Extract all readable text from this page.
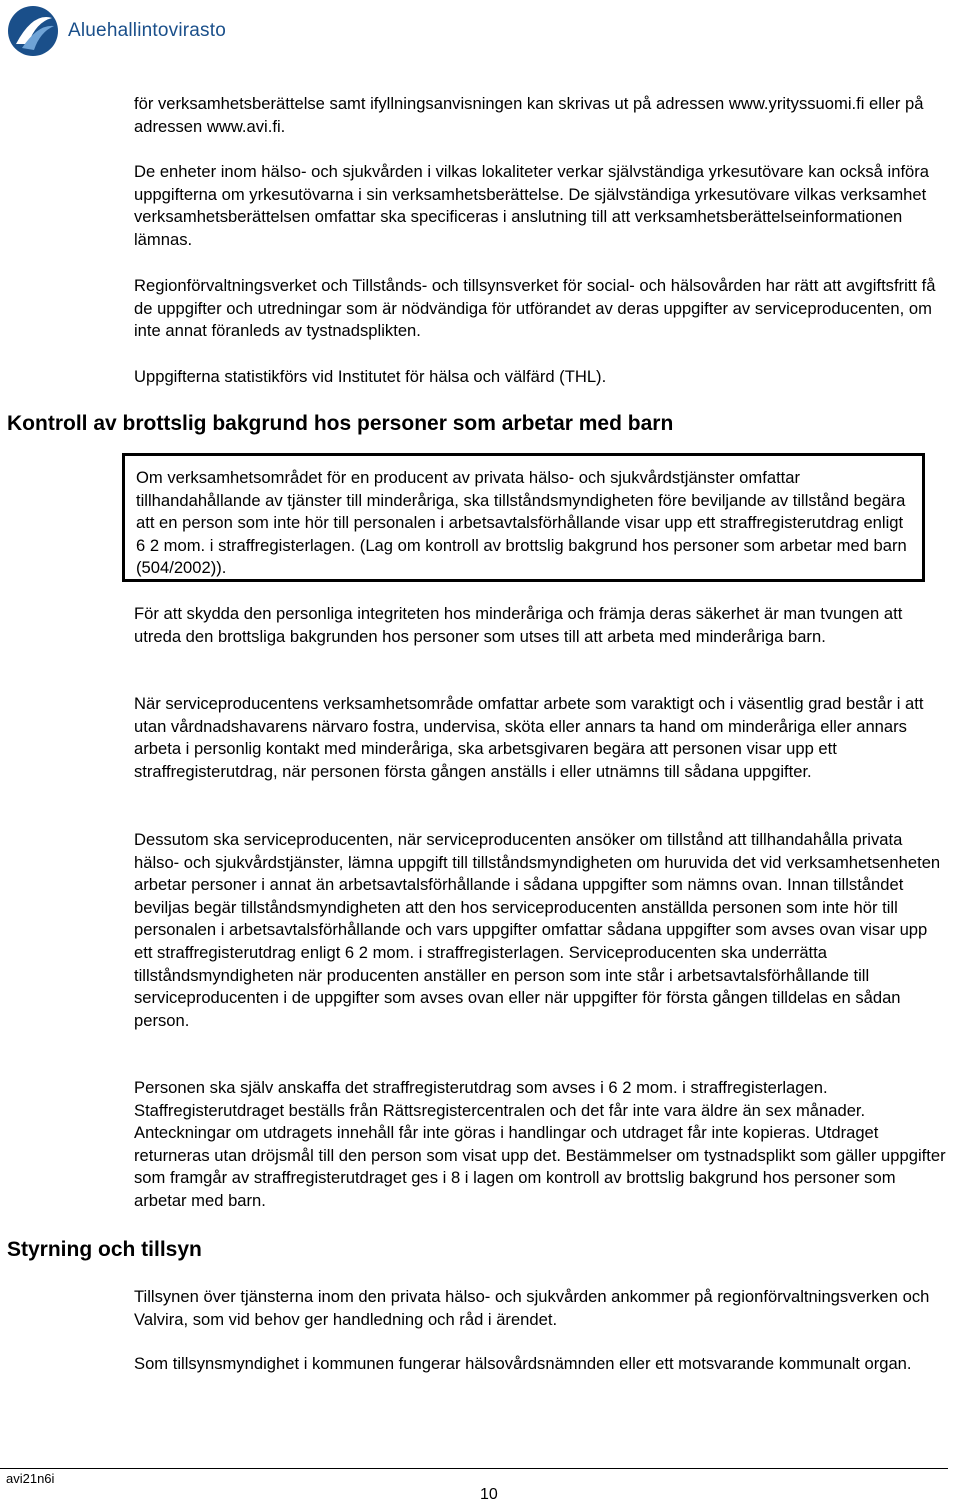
Aluehallintovirasto

för verksamhetsberättelse samt ifyllningsanvisningen kan skrivas ut på adressen www.yrityssuomi.fi eller på adressen www.avi.fi.

De enheter inom hälso- och sjukvården i vilkas lokaliteter verkar självständiga yrkesutövare kan också införa uppgifterna om yrkesutövarna i sin verksamhetsberättelse. De självständiga yrkesutövare vilkas verksamhet verksamhetsberättelsen omfattar ska specificeras i anslutning till att verksamhetsberättelseinformationen lämnas.

Regionförvaltningsverket och Tillstånds- och tillsynsverket för social- och hälsovården har rätt att avgiftsfritt få de uppgifter och utredningar som är nödvändiga för utförandet av deras uppgifter av serviceproducenten, om inte annat föranleds av tystnadsplikten.

Uppgifterna statistikförs vid Institutet för hälsa och välfärd (THL).

Kontroll av brottslig bakgrund hos personer som arbetar med barn
Om verksamhetsområdet för en producent av privata hälso- och sjukvårdstjänster omfattar tillhandahållande av tjänster till minderåriga, ska tillståndsmyndigheten före beviljande av tillstånd begära att en person som inte hör till personalen i arbetsavtalsförhållande visar upp ett straffregisterutdrag enligt 6 2 mom. i straffregisterlagen. (Lag om kontroll av brottslig bakgrund hos personer som arbetar med barn (504/2002)).

För att skydda den personliga integriteten hos minderåriga och främja deras säkerhet är man tvungen att utreda den brottsliga bakgrunden hos personer som utses till att arbeta med minderåriga barn.

När serviceproducentens verksamhetsområde omfattar arbete som varaktigt och i väsentlig grad består i att utan vårdnadshavarens närvaro fostra, undervisa, sköta eller annars ta hand om minderåriga eller annars arbeta i personlig kontakt med minderåriga, ska arbetsgivaren begära att personen visar upp ett straffregisterutdrag, när personen första gången anställs i eller utnämns till sådana uppgifter.

Dessutom ska serviceproducenten, när serviceproducenten ansöker om tillstånd att tillhandahålla privata hälso- och sjukvårdstjänster, lämna uppgift till tillståndsmyndigheten om huruvida det vid verksamhetsenheten arbetar personer i annat än arbetsavtalsförhållande i sådana uppgifter som nämns ovan. Innan tillståndet beviljas begär tillståndsmyndigheten att den hos serviceproducenten anställda personen som inte hör till personalen i arbetsavtalsförhållande och vars uppgifter omfattar sådana uppgifter som avses ovan visar upp ett straffregisterutdrag enligt 6 2 mom. i straffregisterlagen. Serviceproducenten ska underrätta tillståndsmyndigheten när producenten anställer en person som inte står i arbetsavtalsförhållande till serviceproducenten i de uppgifter som avses ovan eller när uppgifter för första gången tilldelas en sådan person.

Personen ska själv anskaffa det straffregisterutdrag som avses i 6 2 mom. i straffregisterlagen. Staffregisterutdraget beställs från Rättsregistercentralen och det får inte vara äldre än sex månader. Anteckningar om utdragets innehåll får inte göras i handlingar och utdraget får inte kopieras. Utdraget returneras utan dröjsmål till den person som visat upp det. Bestämmelser om tystnadsplikt som gäller uppgifter som framgår av straffregisterutdraget ges i 8 i lagen om kontroll av brottslig bakgrund hos personer som arbetar med barn.

Styrning och tillsyn

Tillsynen över tjänsterna inom den privata hälso- och sjukvården ankommer på regionförvaltningsverken och Valvira, som vid behov ger handledning och råd i ärendet.

Som tillsynsmyndighet i kommunen fungerar hälsovårdsnämnden eller ett motsvarande kommunalt organ.

avi21n6i
10
